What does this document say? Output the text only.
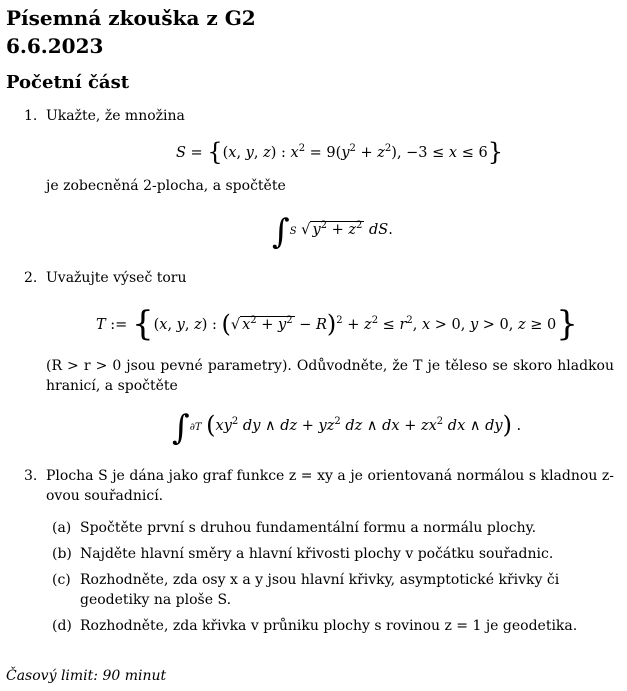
Písemná zkouška z G2
6.6.2023
Početní část
1. Ukažte, že množina
S = {(x, y, z) : $x^2 = 9(y^2 + z^2)$, −3 ≤ x ≤ 6}
je zobecněná 2-plocha, a spočtěte
∫S √ $y^2 + z^2$ dS.
2. Uvažujte výseč toru
T := {(x, y, z) : (√ $x^2 + y^2 - R)^2 + z^2 \le r^2$, x > 0, y > 0, z ≥ 0}
(R > r > 0 jsou pevné parametry). Odůvodněte, že T je těleso se skoro hladkou hranicí, a spočtěte
∫∂T ($xy^2$ dy ∧ dz + $yz^2$ dz ∧ dx + $zx^2$ dx ∧ dy) .
3. Plocha S je dána jako graf funkce z = xy a je orientovaná normálou s kladnou z-ovou souřadnicí.
(a) Spočtěte první s druhou fundamentální formu a normálu plochy.
(b) Najděte hlavní směry a hlavní křivosti plochy v počátku souřadnic.
(c) Rozhodněte, zda osy x a y jsou hlavní křivky, asymptotické křivky či geodetiky na ploše S.
(d) Rozhodněte, zda křivka v průniku plochy s rovinou z = 1 je geodetika.
Časový limit: 90 minut
